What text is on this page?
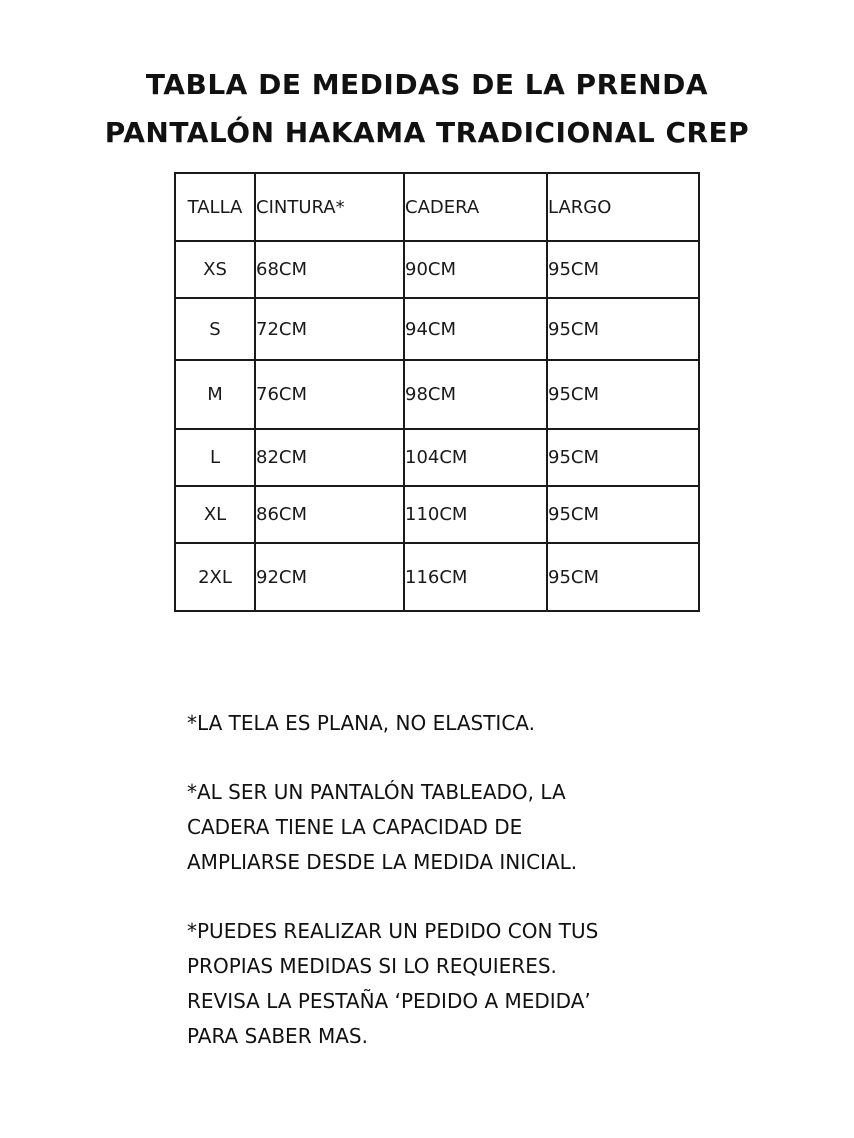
TABLA DE MEDIDAS DE LA PRENDA
PANTALÓN HAKAMA TRADICIONAL CREP
TALLA	CINTURA*	CADERA	LARGO
XS	68CM	90CM	95CM
S	72CM	94CM	95CM
M	76CM	98CM	95CM
L	82CM	104CM	95CM
XL	86CM	110CM	95CM
2XL	92CM	116CM	95CM

*LA TELA ES PLANA, NO ELASTICA.

*AL SER UN PANTALÓN TABLEADO, LA
CADERA TIENE LA CAPACIDAD DE
AMPLIARSE DESDE LA MEDIDA INICIAL.

*PUEDES REALIZAR UN PEDIDO CON TUS
PROPIAS MEDIDAS SI LO REQUIERES.
REVISA LA PESTAÑA ‘PEDIDO A MEDIDA’
PARA SABER MAS.
